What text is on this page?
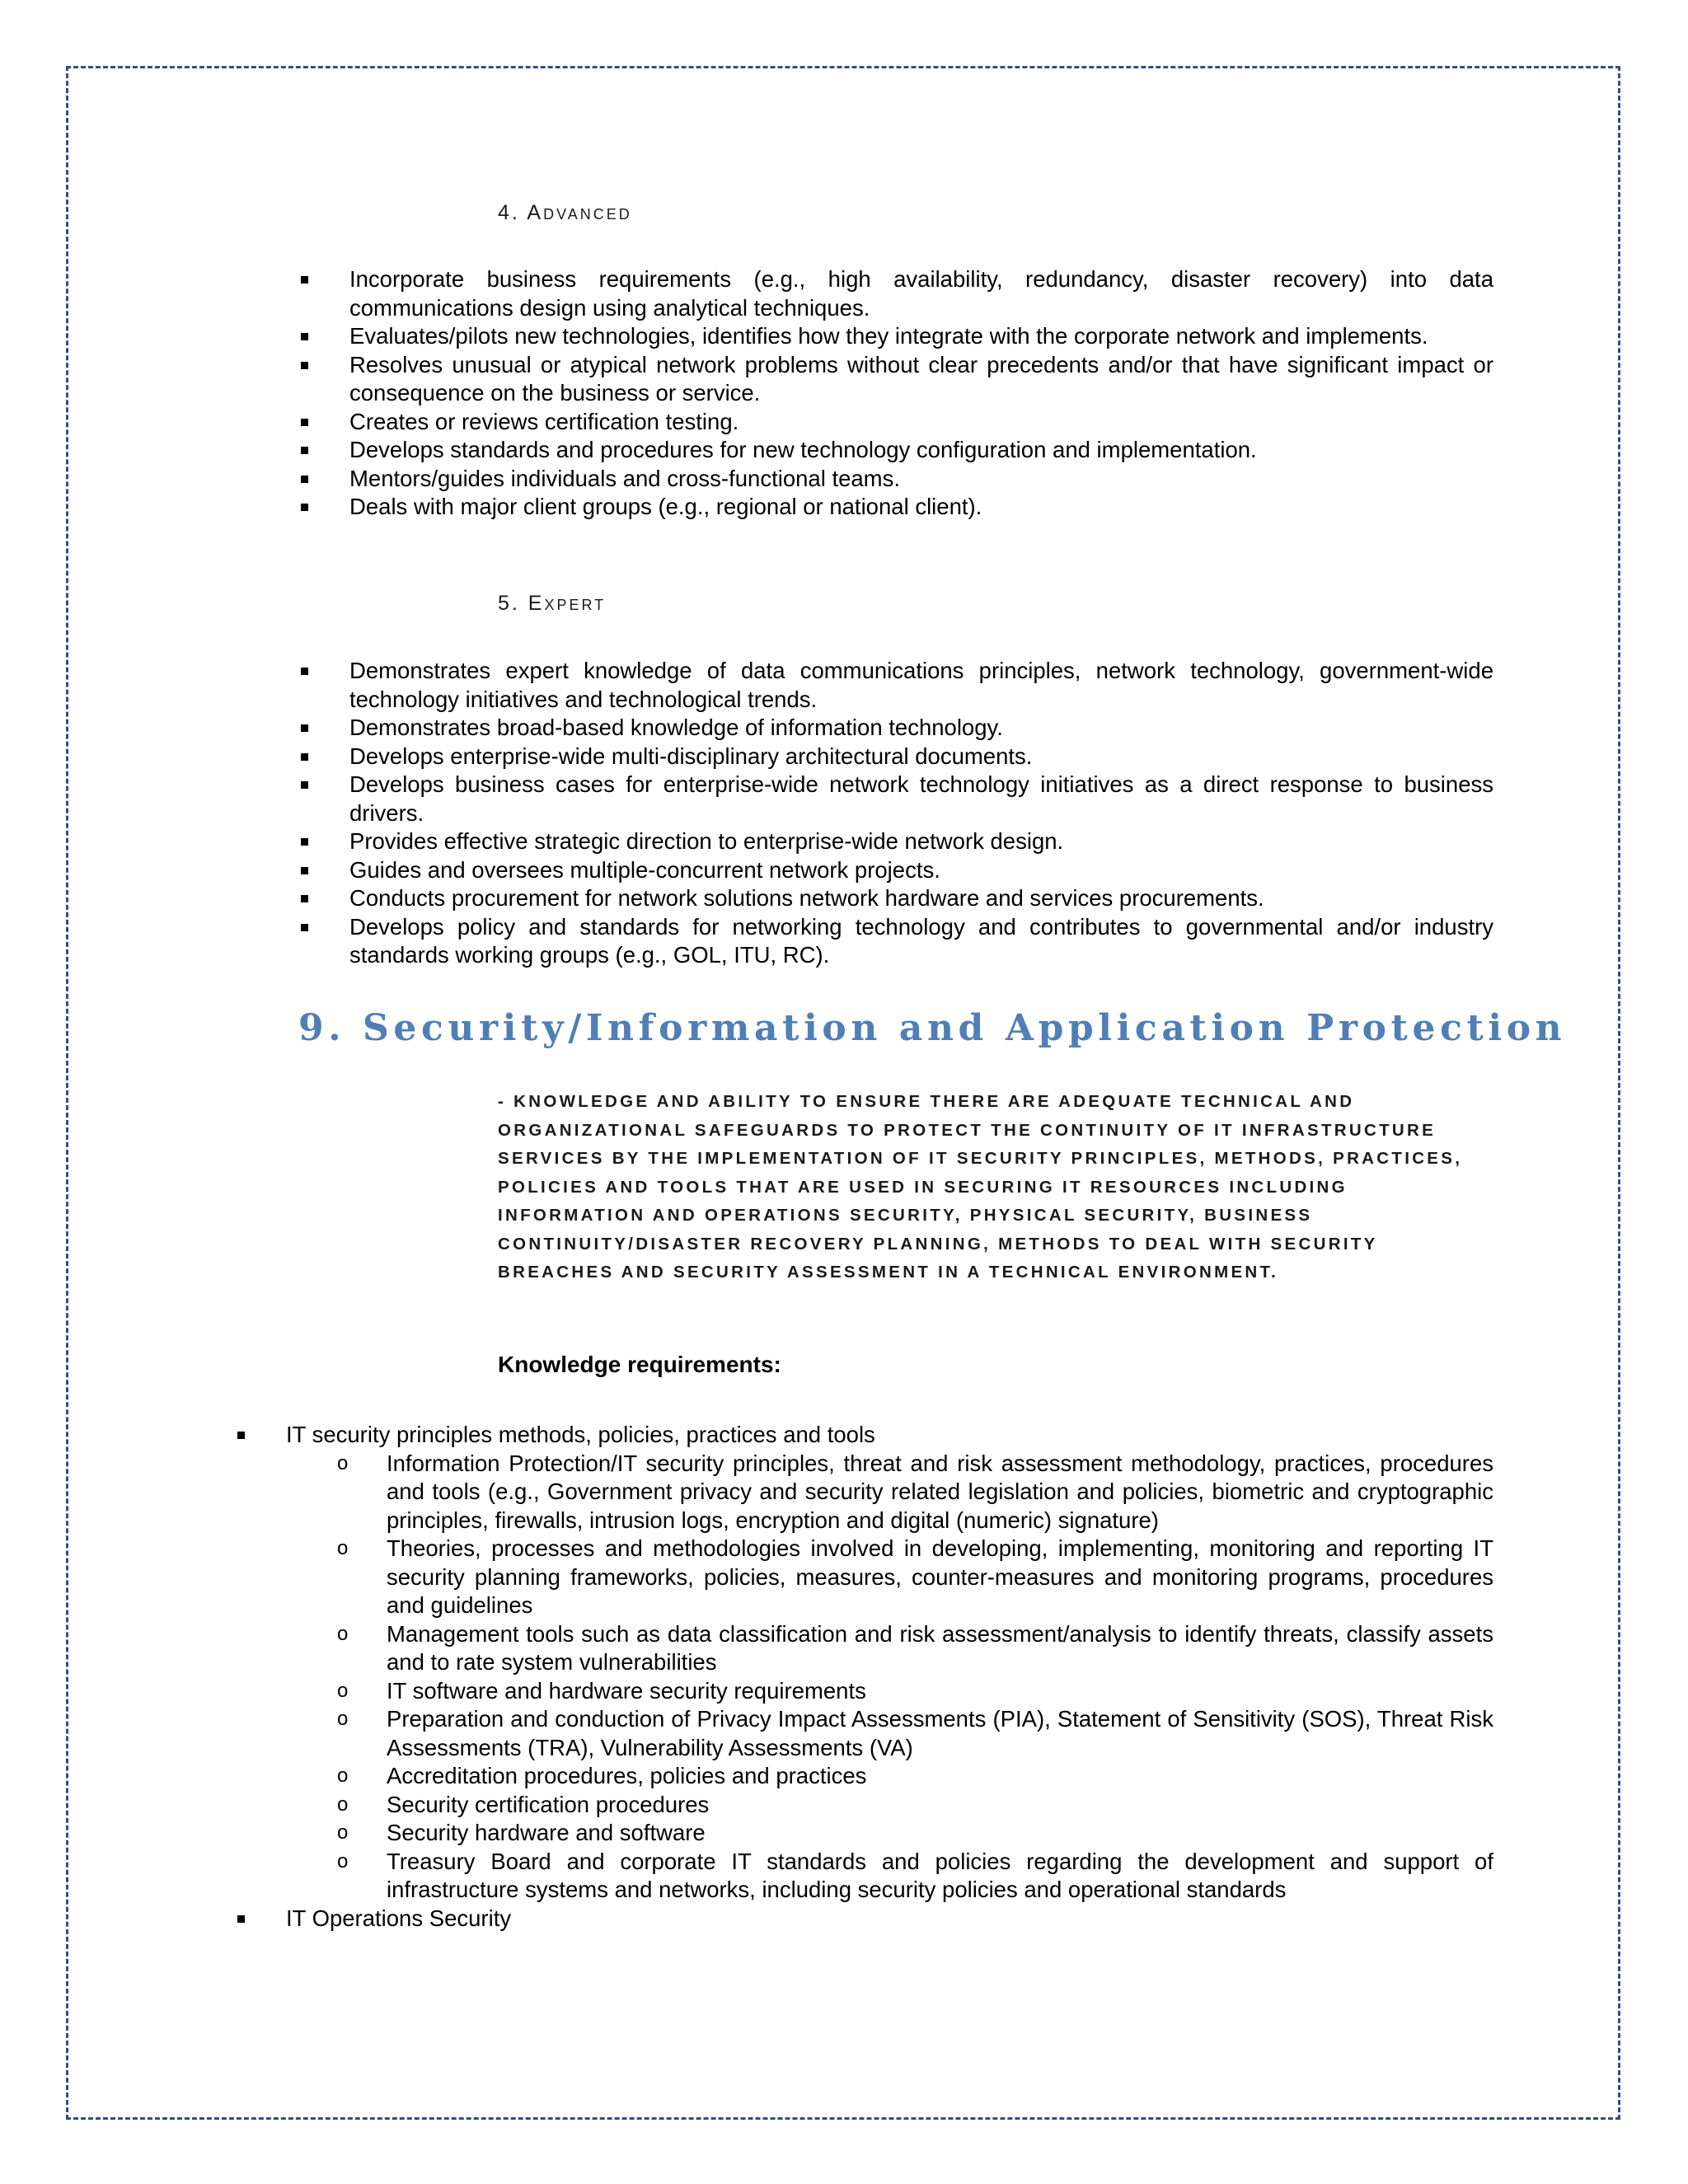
4. Advanced
Incorporate business requirements (e.g., high availability, redundancy, disaster recovery) into data communications design using analytical techniques.
Evaluates/pilots new technologies, identifies how they integrate with the corporate network and implements.
Resolves unusual or atypical network problems without clear precedents and/or that have significant impact or consequence on the business or service.
Creates or reviews certification testing.
Develops standards and procedures for new technology configuration and implementation.
Mentors/guides individuals and cross-functional teams.
Deals with major client groups (e.g., regional or national client).
5. Expert
Demonstrates expert knowledge of data communications principles, network technology, government-wide technology initiatives and technological trends.
Demonstrates broad-based knowledge of information technology.
Develops enterprise-wide multi-disciplinary architectural documents.
Develops business cases for enterprise-wide network technology initiatives as a direct response to business drivers.
Provides effective strategic direction to enterprise-wide network design.
Guides and oversees multiple-concurrent network projects.
Conducts procurement for network solutions network hardware and services procurements.
Develops policy and standards for networking technology and contributes to governmental and/or industry standards working groups (e.g., GOL, ITU, RC).
9. Security/Information and Application Protection
- KNOWLEDGE AND ABILITY TO ENSURE THERE ARE ADEQUATE TECHNICAL AND ORGANIZATIONAL SAFEGUARDS TO PROTECT THE CONTINUITY OF IT INFRASTRUCTURE SERVICES BY THE IMPLEMENTATION OF IT SECURITY PRINCIPLES, METHODS, PRACTICES, POLICIES AND TOOLS THAT ARE USED IN SECURING IT RESOURCES INCLUDING INFORMATION AND OPERATIONS SECURITY, PHYSICAL SECURITY, BUSINESS CONTINUITY/DISASTER RECOVERY PLANNING, METHODS TO DEAL WITH SECURITY BREACHES AND SECURITY ASSESSMENT IN A TECHNICAL ENVIRONMENT.
Knowledge requirements:
IT security principles methods, policies, practices and tools
o Information Protection/IT security principles, threat and risk assessment methodology, practices, procedures and tools (e.g., Government privacy and security related legislation and policies, biometric and cryptographic principles, firewalls, intrusion logs, encryption and digital (numeric) signature)
o Theories, processes and methodologies involved in developing, implementing, monitoring and reporting IT security planning frameworks, policies, measures, counter-measures and monitoring programs, procedures and guidelines
o Management tools such as data classification and risk assessment/analysis to identify threats, classify assets and to rate system vulnerabilities
o IT software and hardware security requirements
o Preparation and conduction of Privacy Impact Assessments (PIA), Statement of Sensitivity (SOS), Threat Risk Assessments (TRA), Vulnerability Assessments (VA)
o Accreditation procedures, policies and practices
o Security certification procedures
o Security hardware and software
o Treasury Board and corporate IT standards and policies regarding the development and support of infrastructure systems and networks, including security policies and operational standards
IT Operations Security
